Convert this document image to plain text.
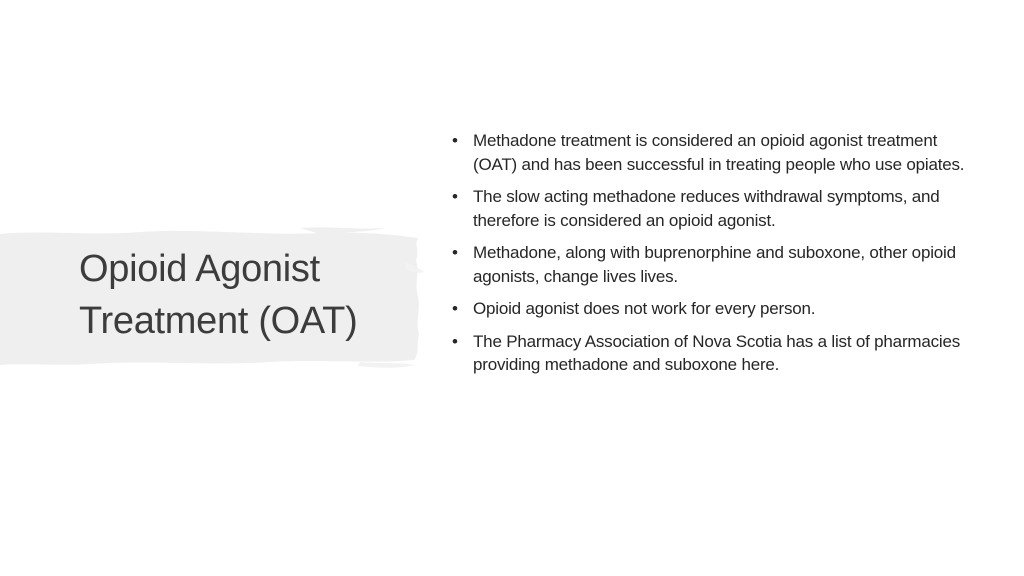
Opioid Agonist Treatment (OAT)
• Methadone treatment is considered an opioid agonist treatment (OAT) and has been successful in treating people who use opiates.
• The slow acting methadone reduces withdrawal symptoms, and therefore is considered an opioid agonist.
• Methadone, along with buprenorphine and suboxone, other opioid agonists, change lives lives.
• Opioid agonist does not work for every person.
• The Pharmacy Association of Nova Scotia has a list of pharmacies providing methadone and suboxone here.
